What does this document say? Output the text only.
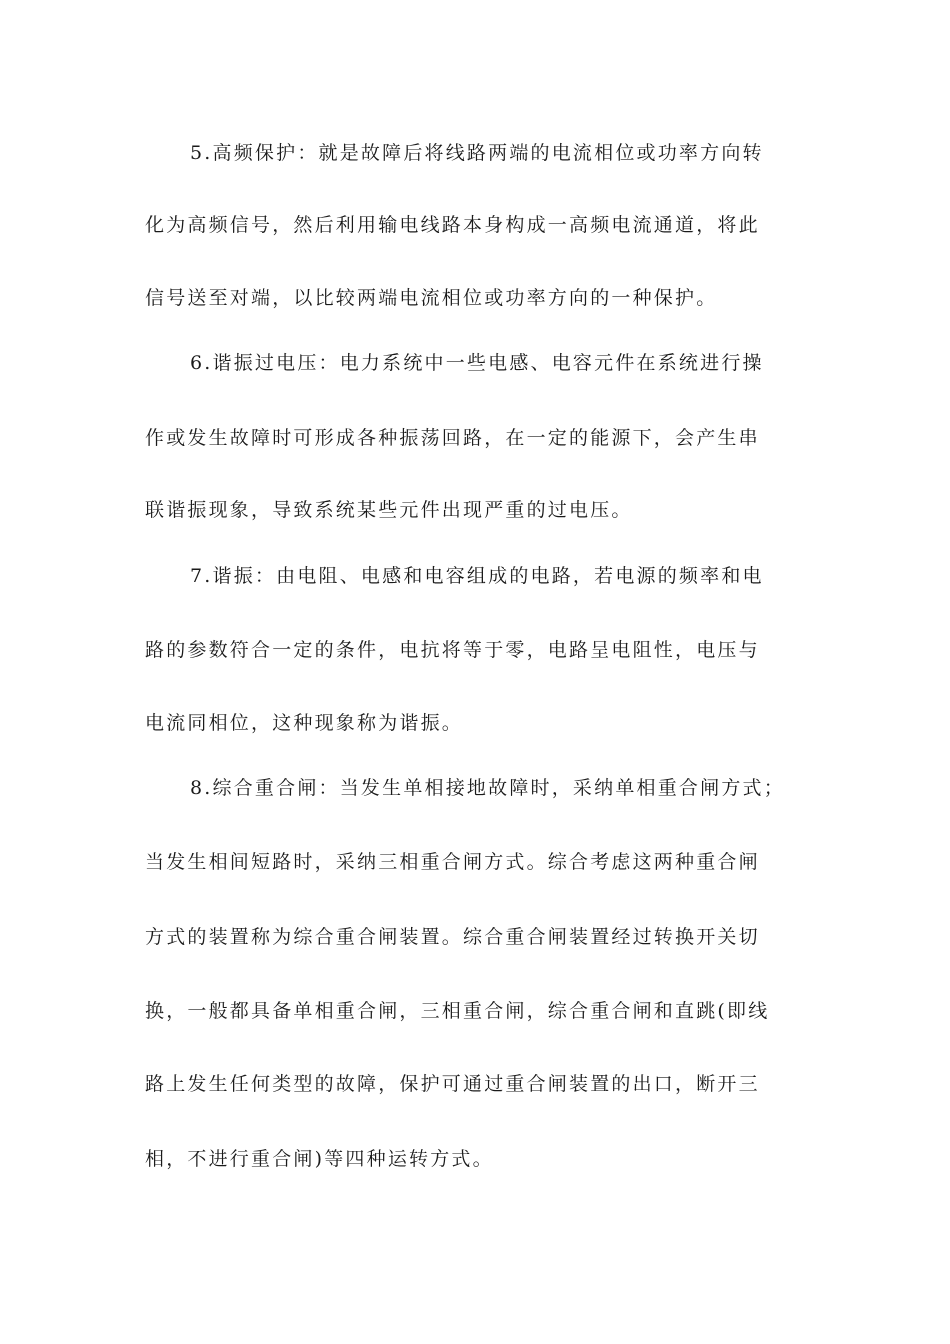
5.高频保护：就是故障后将线路两端的电流相位或功率方向转
化为高频信号，然后利用输电线路本身构成一高频电流通道，将此
信号送至对端，以比较两端电流相位或功率方向的一种保护。
6.谐振过电压：电力系统中一些电感、电容元件在系统进行操
作或发生故障时可形成各种振荡回路，在一定的能源下，会产生串
联谐振现象，导致系统某些元件出现严重的过电压。
7.谐振：由电阻、电感和电容组成的电路，若电源的频率和电
路的参数符合一定的条件，电抗将等于零，电路呈电阻性，电压与
电流同相位，这种现象称为谐振。
8.综合重合闸：当发生单相接地故障时，采纳单相重合闸方式；
当发生相间短路时，采纳三相重合闸方式。综合考虑这两种重合闸
方式的装置称为综合重合闸装置。综合重合闸装置经过转换开关切
换，一般都具备单相重合闸，三相重合闸，综合重合闸和直跳(即线
路上发生任何类型的故障，保护可通过重合闸装置的出口，断开三
相，不进行重合闸)等四种运转方式。
